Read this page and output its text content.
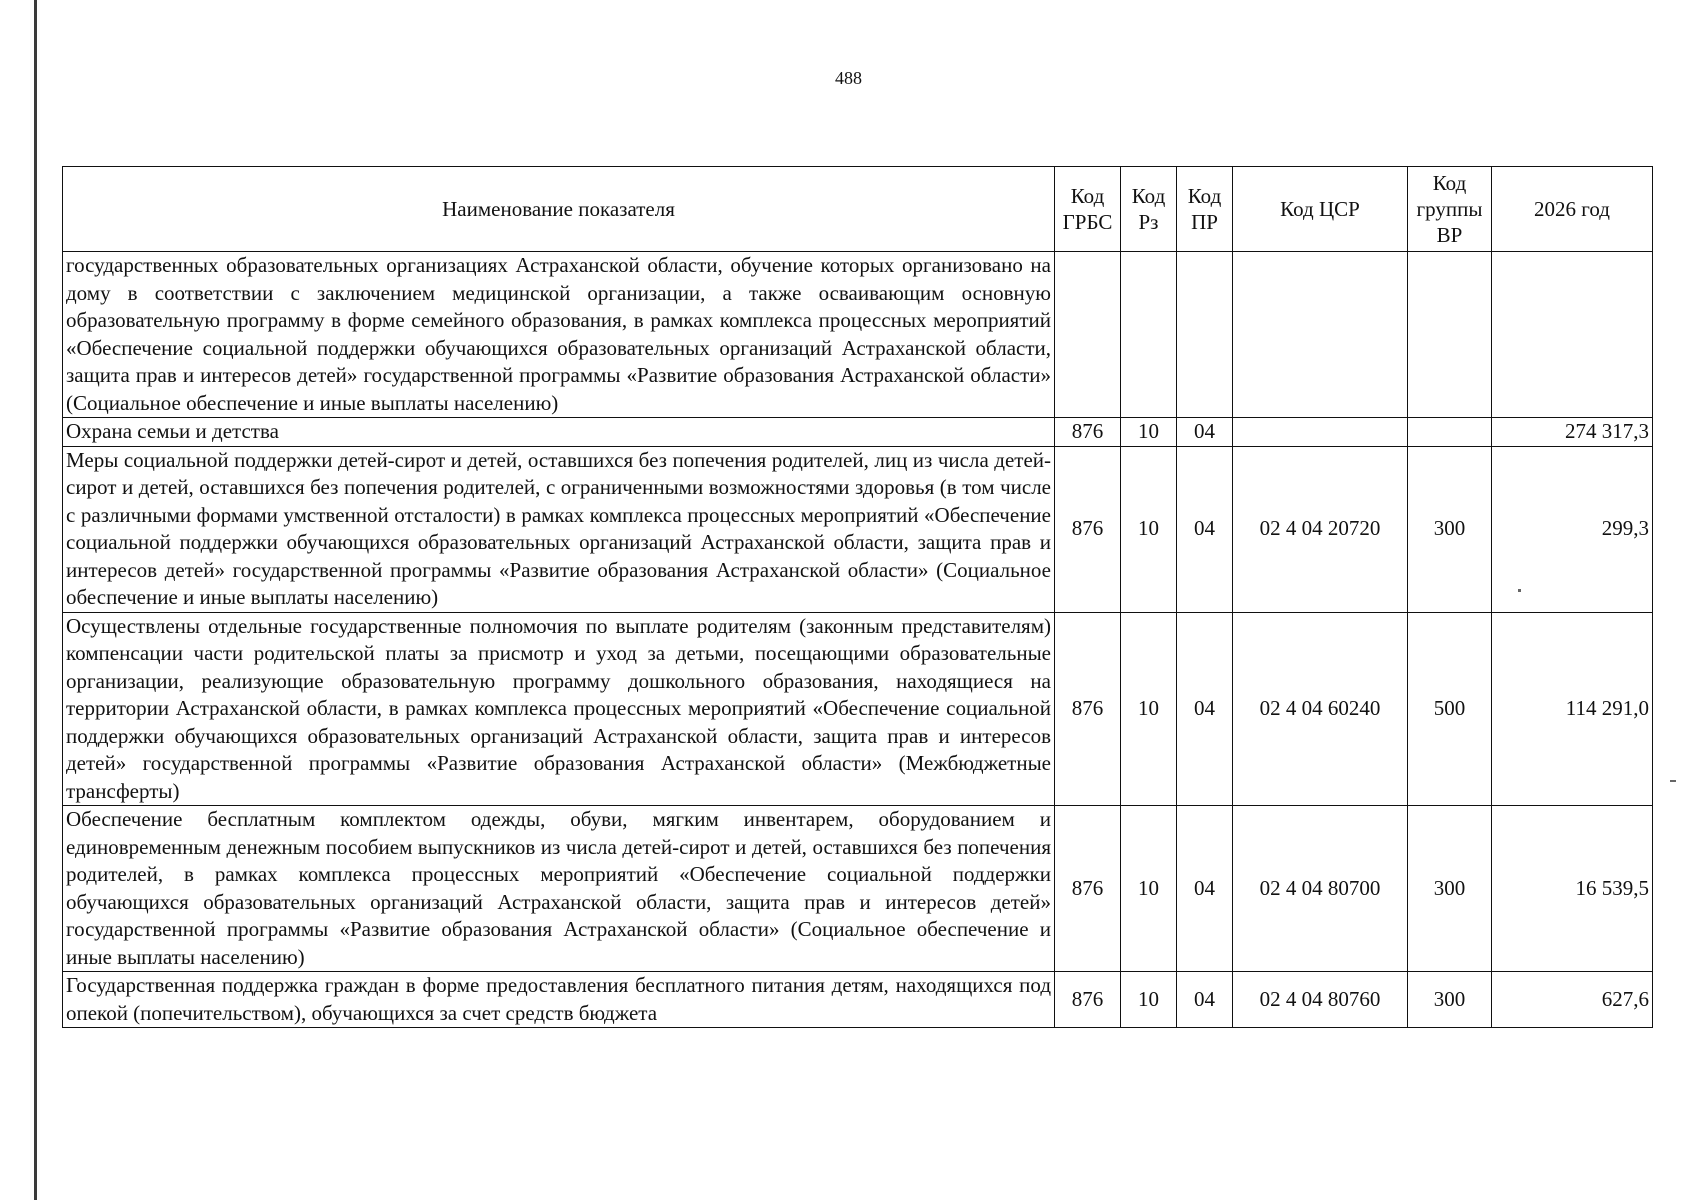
488
Наименование показателя	Код ГРБС	Код Рз	Код ПР	Код ЦСР	Код группы ВР	2026 год
государственных образовательных организациях Астраханской области, обучение которых организовано на дому в соответствии с заключением медицинской организации, а также осваивающим основную образовательную программу в форме семейного образования, в рамках комплекса процессных мероприятий «Обеспечение социальной поддержки обучающихся образовательных организаций Астраханской области, защита прав и интересов детей» государственной программы «Развитие образования Астраханской области» (Социальное обеспечение и иные выплаты населению)						
Охрана семьи и детства	876	10	04			274 317,3
Меры социальной поддержки детей-сирот и детей, оставшихся без попечения родителей, лиц из числа детей-сирот и детей, оставшихся без попечения родителей, с ограниченными возможностями здоровья (в том числе с различными формами умственной отсталости) в рамках комплекса процессных мероприятий «Обеспечение социальной поддержки обучающихся образовательных организаций Астраханской области, защита прав и интересов детей» государственной программы «Развитие образования Астраханской области» (Социальное обеспечение и иные выплаты населению)	876	10	04	02 4 04 20720	300	299,3
Осуществлены отдельные государственные полномочия по выплате родителям (законным представителям) компенсации части родительской платы за присмотр и уход за детьми, посещающими образовательные организации, реализующие образовательную программу дошкольного образования, находящиеся на территории Астраханской области, в рамках комплекса процессных мероприятий «Обеспечение социальной поддержки обучающихся образовательных организаций Астраханской области, защита прав и интересов детей» государственной программы «Развитие образования Астраханской области» (Межбюджетные трансферты)	876	10	04	02 4 04 60240	500	114 291,0
Обеспечение бесплатным комплектом одежды, обуви, мягким инвентарем, оборудованием и единовременным денежным пособием выпускников из числа детей-сирот и детей, оставшихся без попечения родителей, в рамках комплекса процессных мероприятий «Обеспечение социальной поддержки обучающихся образовательных организаций Астраханской области, защита прав и интересов детей» государственной программы «Развитие образования Астраханской области» (Социальное обеспечение и иные выплаты населению)	876	10	04	02 4 04 80700	300	16 539,5
Государственная поддержка граждан в форме предоставления бесплатного питания детям, находящихся под опекой (попечительством), обучающихся за счет средств бюджета	876	10	04	02 4 04 80760	300	627,6
